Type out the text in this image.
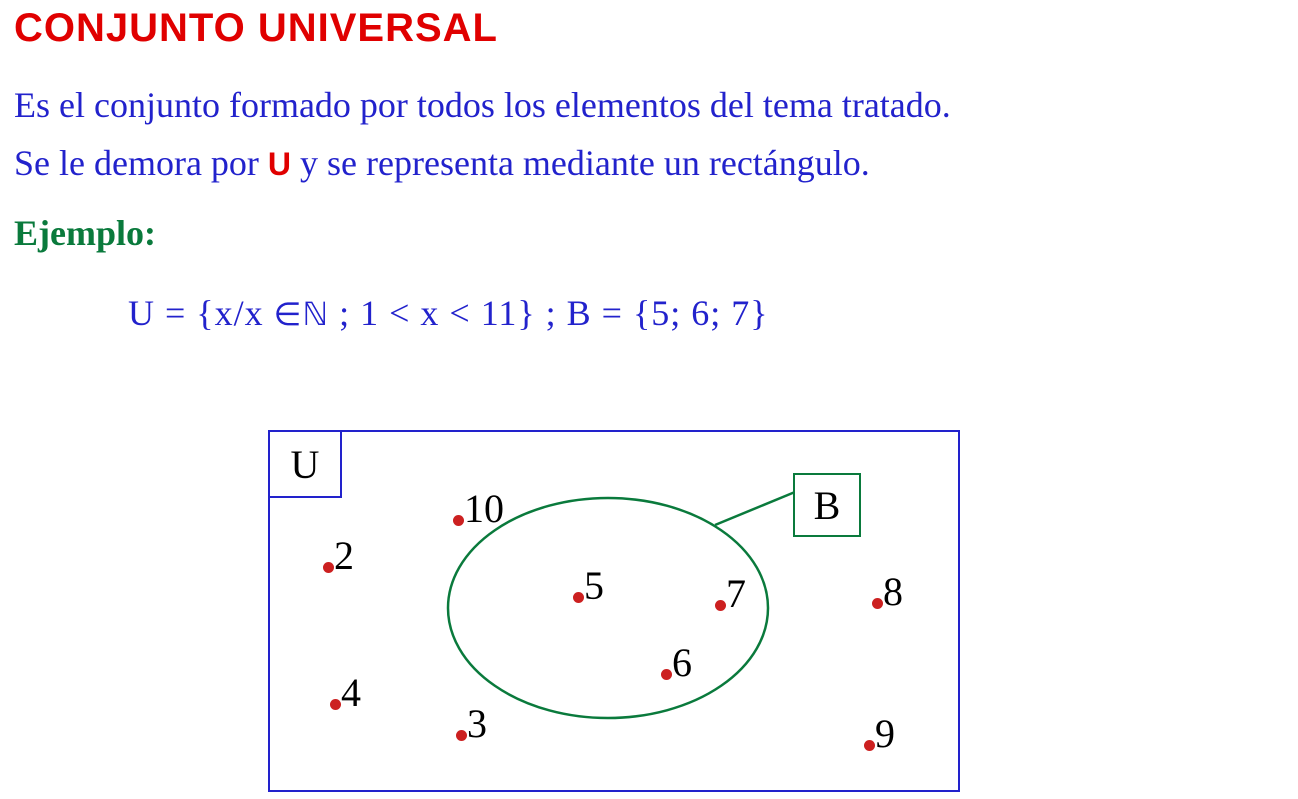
CONJUNTO UNIVERSAL
Es el conjunto formado por todos los elementos del tema tratado.
Se le demora por U y se representa mediante un rectángulo.
Ejemplo:
U = {x/x ∈ℕ ; 1 < x < 11} ; B = {5; 6; 7}
U
B
10
2
5	7	8
6
4
3	9
